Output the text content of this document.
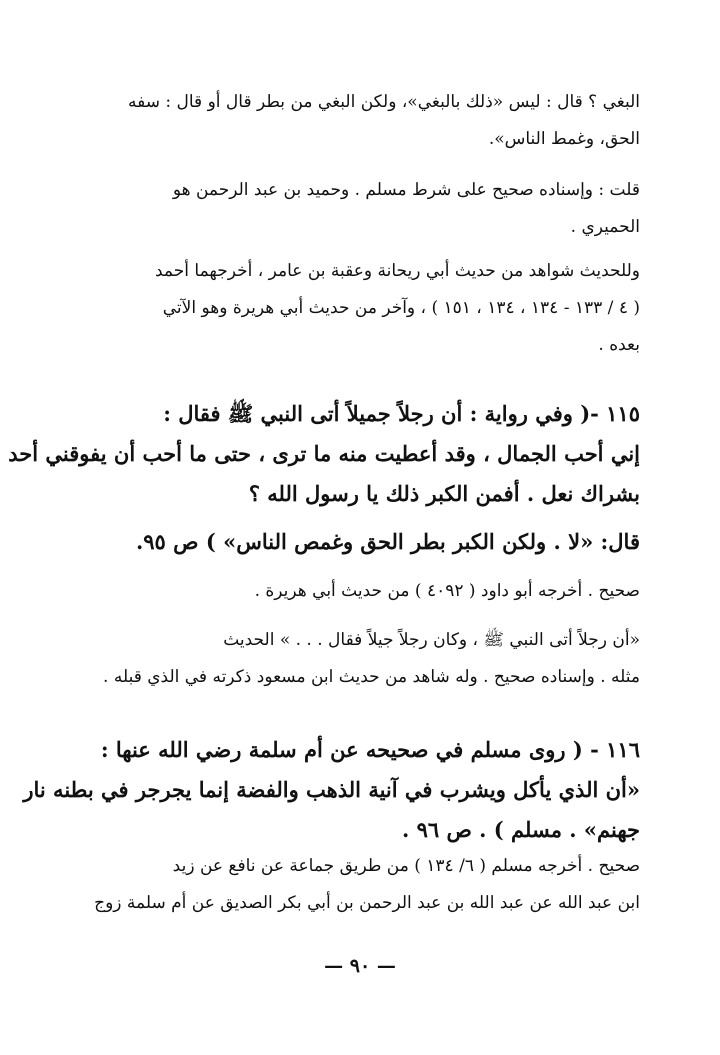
البغي ؟ قال : ليس «ذلك بالبغي»، ولكن البغي من بطر قال أو قال : سفه
الحق، وغمط الناس».
قلت : وإسناده صحيح على شرط مسلم . وحميد بن عبد الرحمن هو
الحميري .
وللحديث شواهد من حديث أبي ريحانة وعقبة بن عامر ، أخرجهما أحمد
( ٤ / ١٣٣ - ١٣٤ ، ١٣٤ ، ١٥١ ) ، وآخر من حديث أبي هريرة وهو الآتي
بعده .
١١٥ -( وفي رواية : أن رجلاً جميلاً أتى النبي ﷺ فقال :
إني أحب الجمال ، وقد أعطيت منه ما ترى ، حتى ما أحب أن يفوقني أحد
بشراك نعل . أفمن الكبر ذلك يا رسول الله ؟
قال: «لا . ولكن الكبر بطر الحق وغمص الناس» ) ص ٩٥.
صحيح . أخرجه أبو داود ( ٤٠٩٢ ) من حديث أبي هريرة .
«أن رجلاً أتى النبي ﷺ ، وكان رجلاً جيلاً فقال . . . » الحديث
مثله . وإسناده صحيح . وله شاهد من حديث ابن مسعود ذكرته في الذي قبله .
١١٦ - ( روى مسلم في صحيحه عن أم سلمة رضي الله عنها :
«أن الذي يأكل ويشرب في آنية الذهب والفضة إنما يجرجر في بطنه نار
جهنم» . مسلم ) . ص ٩٦ .
صحيح . أخرجه مسلم ( ٦/ ١٣٤ ) من طريق جماعة عن نافع عن زيد
ابن عبد الله عن عبد الله بن عبد الرحمن بن أبي بكر الصديق عن أم سلمة زوج
— ٩٠ —
